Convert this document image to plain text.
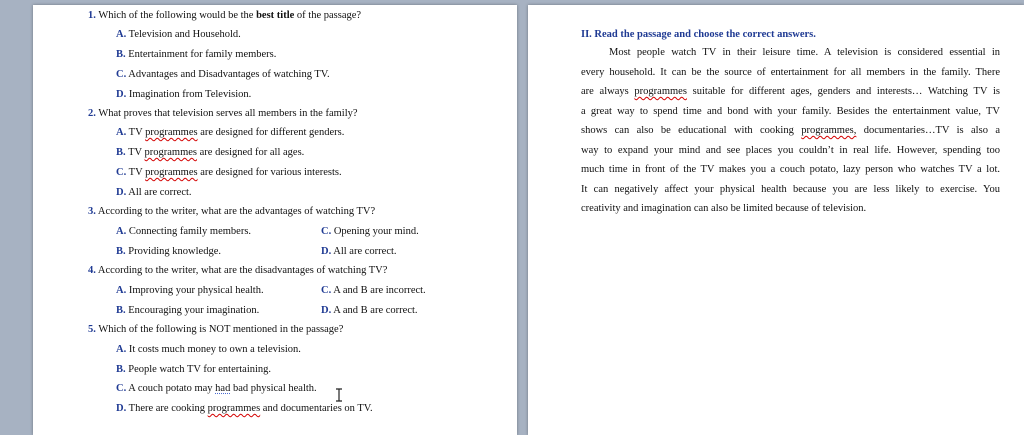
1. Which of the following would be the best title of the passage?
A. Television and Household.
B. Entertainment for family members.
C. Advantages and Disadvantages of watching TV.
D. Imagination from Television.
2. What proves that television serves all members in the family?
A. TV programmes are designed for different genders.
B. TV programmes are designed for all ages.
C. TV programmes are designed for various interests.
D. All are correct.
3. According to the writer, what are the advantages of watching TV?
A. Connecting family members.	C. Opening your mind.
B. Providing knowledge.	D. All are correct.
4. According to the writer, what are the disadvantages of watching TV?
A. Improving your physical health.	C. A and B are incorrect.
B. Encouraging your imagination.	D. A and B are correct.
5. Which of the following is NOT mentioned in the passage?
A. It costs much money to own a television.
B. People watch TV for entertaining.
C. A couch potato may had bad physical health.
D. There are cooking programmes and documentaries on TV.
II. Read the passage and choose the correct answers.
Most people watch TV in their leisure time. A television is considered essential in
every household. It can be the source of entertainment for all members in the family. There
are always programmes suitable for different ages, genders and interests… Watching TV is
a great way to spend time and bond with your family. Besides the entertainment value, TV
shows can also be educational with cooking programmes, documentaries…TV is also a
way to expand your mind and see places you couldn’t in real life. However, spending too
much time in front of the TV makes you a couch potato, lazy person who watches TV a lot.
It can negatively affect your physical health because you are less likely to exercise. You
creativity and imagination can also be limited because of television.
